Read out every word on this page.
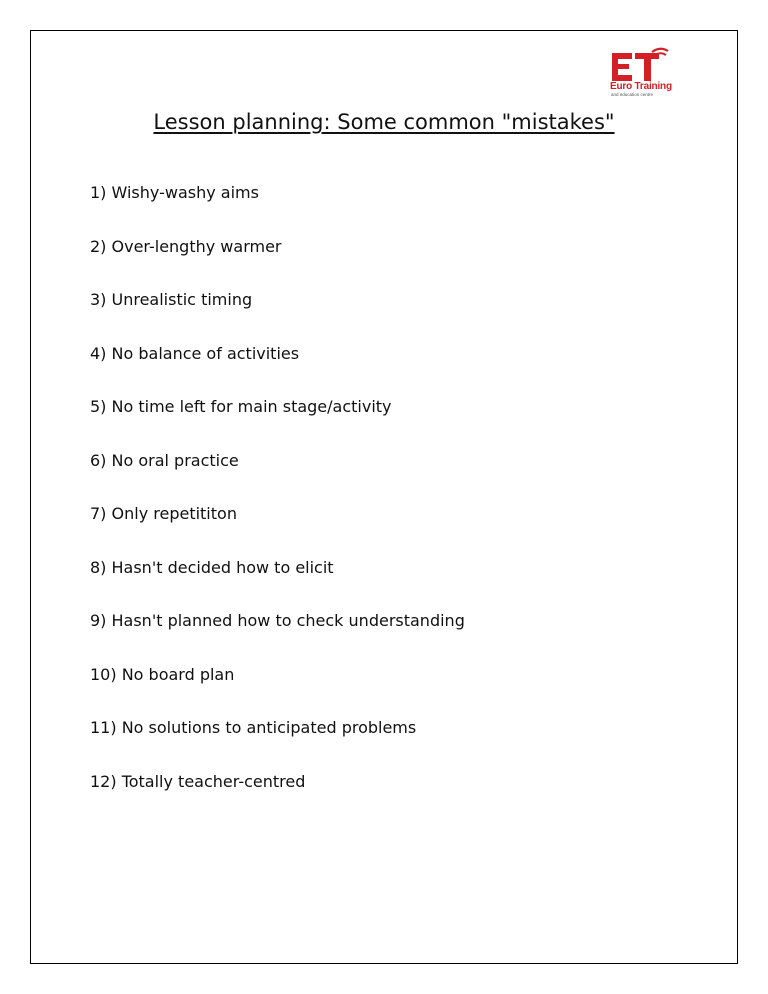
Euro Training
and education centre
Lesson planning: Some common "mistakes"
1) Wishy-washy aims
2) Over-lengthy warmer
3) Unrealistic timing
4) No balance of activities
5) No time left for main stage/activity
6) No oral practice
7) Only repetititon
8) Hasn't decided how to elicit
9) Hasn't planned how to check understanding
10) No board plan
11) No solutions to anticipated problems
12) Totally teacher-centred
